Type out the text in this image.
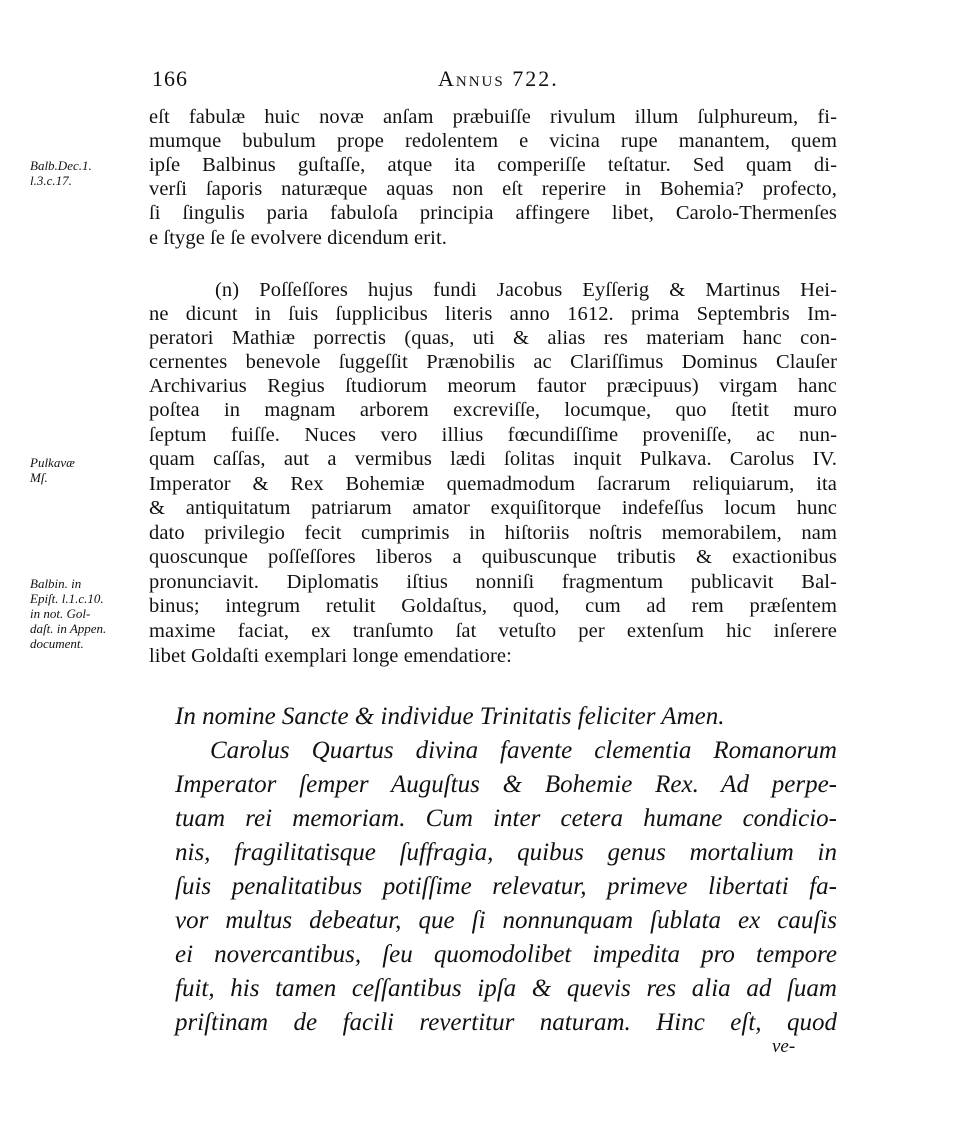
166	Annus 722.
eſt fabulæ huic novæ anſam præbuiſſe rivulum illum ſulphureum, fi-
mumque bubulum prope redolentem e vicina rupe manantem, quem
ipſe Balbinus guſtaſſe, atque ita comperiſſe teſtatur. Sed quam di-
verſi ſaporis naturæque aquas non eſt reperire in Bohemia? profecto,
ſi ſingulis paria fabuloſa principia affingere libet, Carolo-Thermenſes
e ſtyge ſe ſe evolvere dicendum erit.
Balb.Dec.1.
l.3.c.17.
(n) Poſſeſſores hujus fundi Jacobus Eyſſerig & Martinus Hei-
ne dicunt in ſuis ſupplicibus literis anno 1612. prima Septembris Im-
peratori Mathiæ porrectis (quas, uti & alias res materiam hanc con-
cernentes benevole ſuggeſſit Prænobilis ac Clariſſimus Dominus Clauſer
Archivarius Regius ſtudiorum meorum fautor præcipuus) virgam hanc
poſtea in magnam arborem excreviſſe, locumque, quo ſtetit muro
ſeptum fuiſſe. Nuces vero illius fœcundiſſime proveniſſe, ac nun-
quam caſſas, aut a vermibus lædi ſolitas inquit Pulkava. Carolus IV.
Imperator & Rex Bohemiæ quemadmodum ſacrarum reliquiarum, ita
& antiquitatum patriarum amator exquiſitorque indefeſſus locum hunc
dato privilegio fecit cumprimis in hiſtoriis noſtris memorabilem, nam
quoscunque poſſeſſores liberos a quibuscunque tributis & exactionibus
pronunciavit. Diplomatis iſtius nonniſi fragmentum publicavit Bal-
binus; integrum retulit Goldaſtus, quod, cum ad rem præſentem
maxime faciat, ex tranſumto ſat vetuſto per extenſum hic inſerere
libet Goldaſti exemplari longe emendatiore:
Pulkavæ
Mſ.
Balbin. in
Epiſt. l.1.c.10.
in not. Gol-
daſt. in Appen.
document.
In nomine Sancte & individue Trinitatis feliciter Amen.
Carolus Quartus divina favente clementia Romanorum
Imperator ſemper Auguſtus & Bohemie Rex. Ad perpe-
tuam rei memoriam. Cum inter cetera humane condicio-
nis, fragilitatisque ſuffragia, quibus genus mortalium in
ſuis penalitatibus potiſſime relevatur, primeve libertati fa-
vor multus debeatur, que ſi nonnunquam ſublata ex cauſis
ei novercantibus, ſeu quomodolibet impedita pro tempore
fuit, his tamen ceſſantibus ipſa & quevis res alia ad ſuam
priſtinam de facili revertitur naturam. Hinc eſt, quod
ve-
